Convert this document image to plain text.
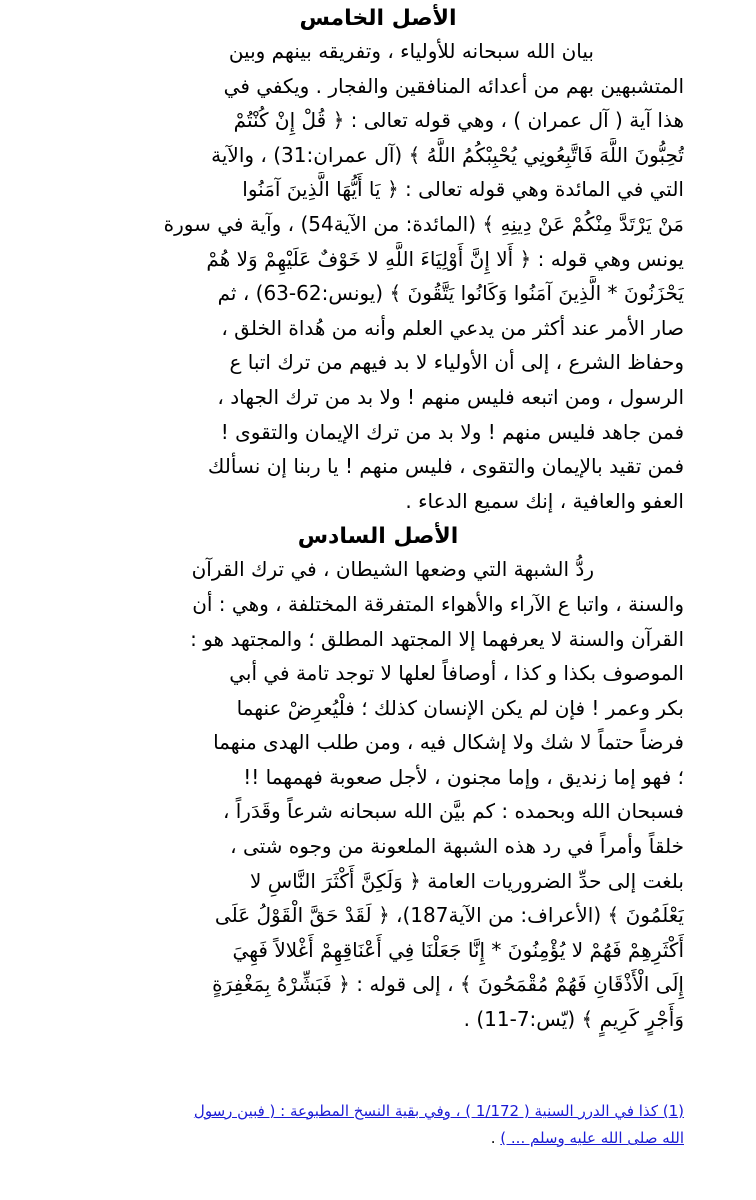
الأصل الخامس
بيان الله سبحانه للأولياء ، وتفريقه بينهم وبين
المتشبهين بهم من أعدائه المنافقين والفجار . ويكفي في
هذا آية ( آل عمران ) ، وهي قوله تعالى : ﴿ قُلْ إِنْ كُنْتُمْ
تُحِبُّونَ اللَّهَ فَاتَّبِعُونِي يُحْبِبْكُمُ اللَّهُ ﴾ (آل عمران:31) ، والآية
التي في المائدة وهي قوله تعالى : ﴿ يَا أَيُّهَا الَّذِينَ آمَنُوا
مَنْ يَرْتَدَّ مِنْكُمْ عَنْ دِينِهِ ﴾ (المائدة: من الآية54) ، وآية في سورة
يونس وهي قوله : ﴿ أَلا إِنَّ أَوْلِيَاءَ اللَّهِ لا خَوْفٌ عَلَيْهِمْ وَلا هُمْ
يَحْزَنُونَ * الَّذِينَ آمَنُوا وَكَانُوا يَتَّقُونَ ﴾ (يونس:62-63) ، ثم
صار الأمر عند أكثر من يدعي العلم وأنه من هُداة الخلق ،
وحفاظ الشرع ، إلى أن الأولياء لا بد فيهم من ترك اتبا ع
الرسول ، ومن اتبعه فليس منهم ! ولا بد من ترك الجهاد ،
فمن جاهد فليس منهم ! ولا بد من ترك الإيمان والتقوى !
فمن تقيد بالإيمان والتقوى ، فليس منهم ! يا ربنا إن نسألك
العفو والعافية ، إنك سميع الدعاء .
الأصل السادس
ردُّ الشبهة التي وضعها الشيطان ، في ترك القرآن
والسنة ، واتبا ع الآراء والأهواء المتفرقة المختلفة ، وهي : أن
القرآن والسنة لا يعرفهما إلا المجتهد المطلق ؛ والمجتهد هو :
الموصوف بكذا و كذا ، أوصافاً لعلها لا توجد تامة في أبي
بكر وعمر ! فإن لم يكن الإنسان كذلك ؛ فلْيُعرِضْ عنهما
فرضاً حتماً لا شك ولا إشكال فيه ، ومن طلب الهدى منهما
؛ فهو إما زنديق ، وإما مجنون ، لأجل صعوبة فهمهما !!
فسبحان الله وبحمده : كم بيَّن الله سبحانه شرعاً وقَدَراً ،
خلقاً وأمراً في رد هذه الشبهة الملعونة من وجوه شتى ،
بلغت إلى حدِّ الضروريات العامة ﴿ وَلَكِنَّ أَكْثَرَ النَّاسِ لا
يَعْلَمُونَ ﴾ (الأعراف: من الآية187)، ﴿ لَقَدْ حَقَّ الْقَوْلُ عَلَى
أَكْثَرِهِمْ فَهُمْ لا يُؤْمِنُونَ * إِنَّا جَعَلْنَا فِي أَعْنَاقِهِمْ أَغْلالاً فَهِيَ
إِلَى الْأَذْقَانِ فَهُمْ مُقْمَحُونَ ﴾ ، إلى قوله : ﴿ فَبَشِّرْهُ بِمَغْفِرَةٍ
وَأَجْرٍ كَرِيمٍ ﴾ (يّس:7-11) .
(1) كذا في الدرر السنية ( 1/172 ) ، وفي بقية النسخ المطبوعة : ( فبين رسول
الله صلى الله عليه وسلم ... ) .
